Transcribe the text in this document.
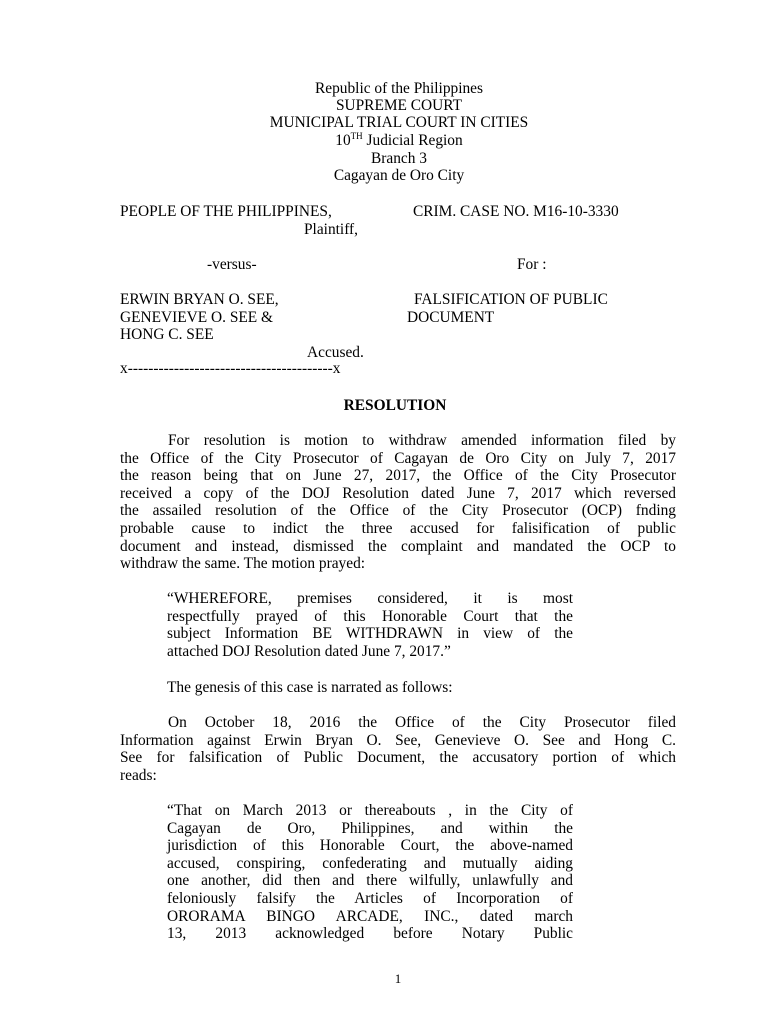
Republic of the Philippines
SUPREME COURT
MUNICIPAL TRIAL COURT IN CITIES
10TH Judicial Region
Branch 3
Cagayan de Oro City
PEOPLE OF THE PHILIPPINES,	CRIM. CASE NO. M16-10-3330
Plaintiff,
-versus-	For :
ERWIN BRYAN O. SEE,	FALSIFICATION OF PUBLIC
GENEVIEVE O. SEE &	DOCUMENT
HONG C. SEE
Accused.
x----------------------------------------x
RESOLUTION
For resolution is motion to withdraw amended information filed by
the Office of the City Prosecutor of Cagayan de Oro City on July 7, 2017
the reason being that on June 27, 2017, the Office of the City Prosecutor
received a copy of the DOJ Resolution dated June 7, 2017 which reversed
the assailed resolution of the Office of the City Prosecutor (OCP) fnding
probable cause to indict the three accused for falisification of public
document and instead, dismissed the complaint and mandated the OCP to
withdraw the same. The motion prayed:
“WHEREFORE, premises considered, it is most
respectfully prayed of this Honorable Court that the
subject Information BE WITHDRAWN in view of the
attached DOJ Resolution dated June 7, 2017.”
The genesis of this case is narrated as follows:
On October 18, 2016 the Office of the City Prosecutor filed
Information against Erwin Bryan O. See, Genevieve O. See and Hong C.
See for falsification of Public Document, the accusatory portion of which
reads:
“That on March 2013 or thereabouts , in the City of
Cagayan de Oro, Philippines, and within the
jurisdiction of this Honorable Court, the above-named
accused, conspiring, confederating and mutually aiding
one another, did then and there wilfully, unlawfully and
feloniously falsify the Articles of Incorporation of
ORORAMA BINGO ARCADE, INC., dated march
13, 2013 acknowledged before Notary Public
1
